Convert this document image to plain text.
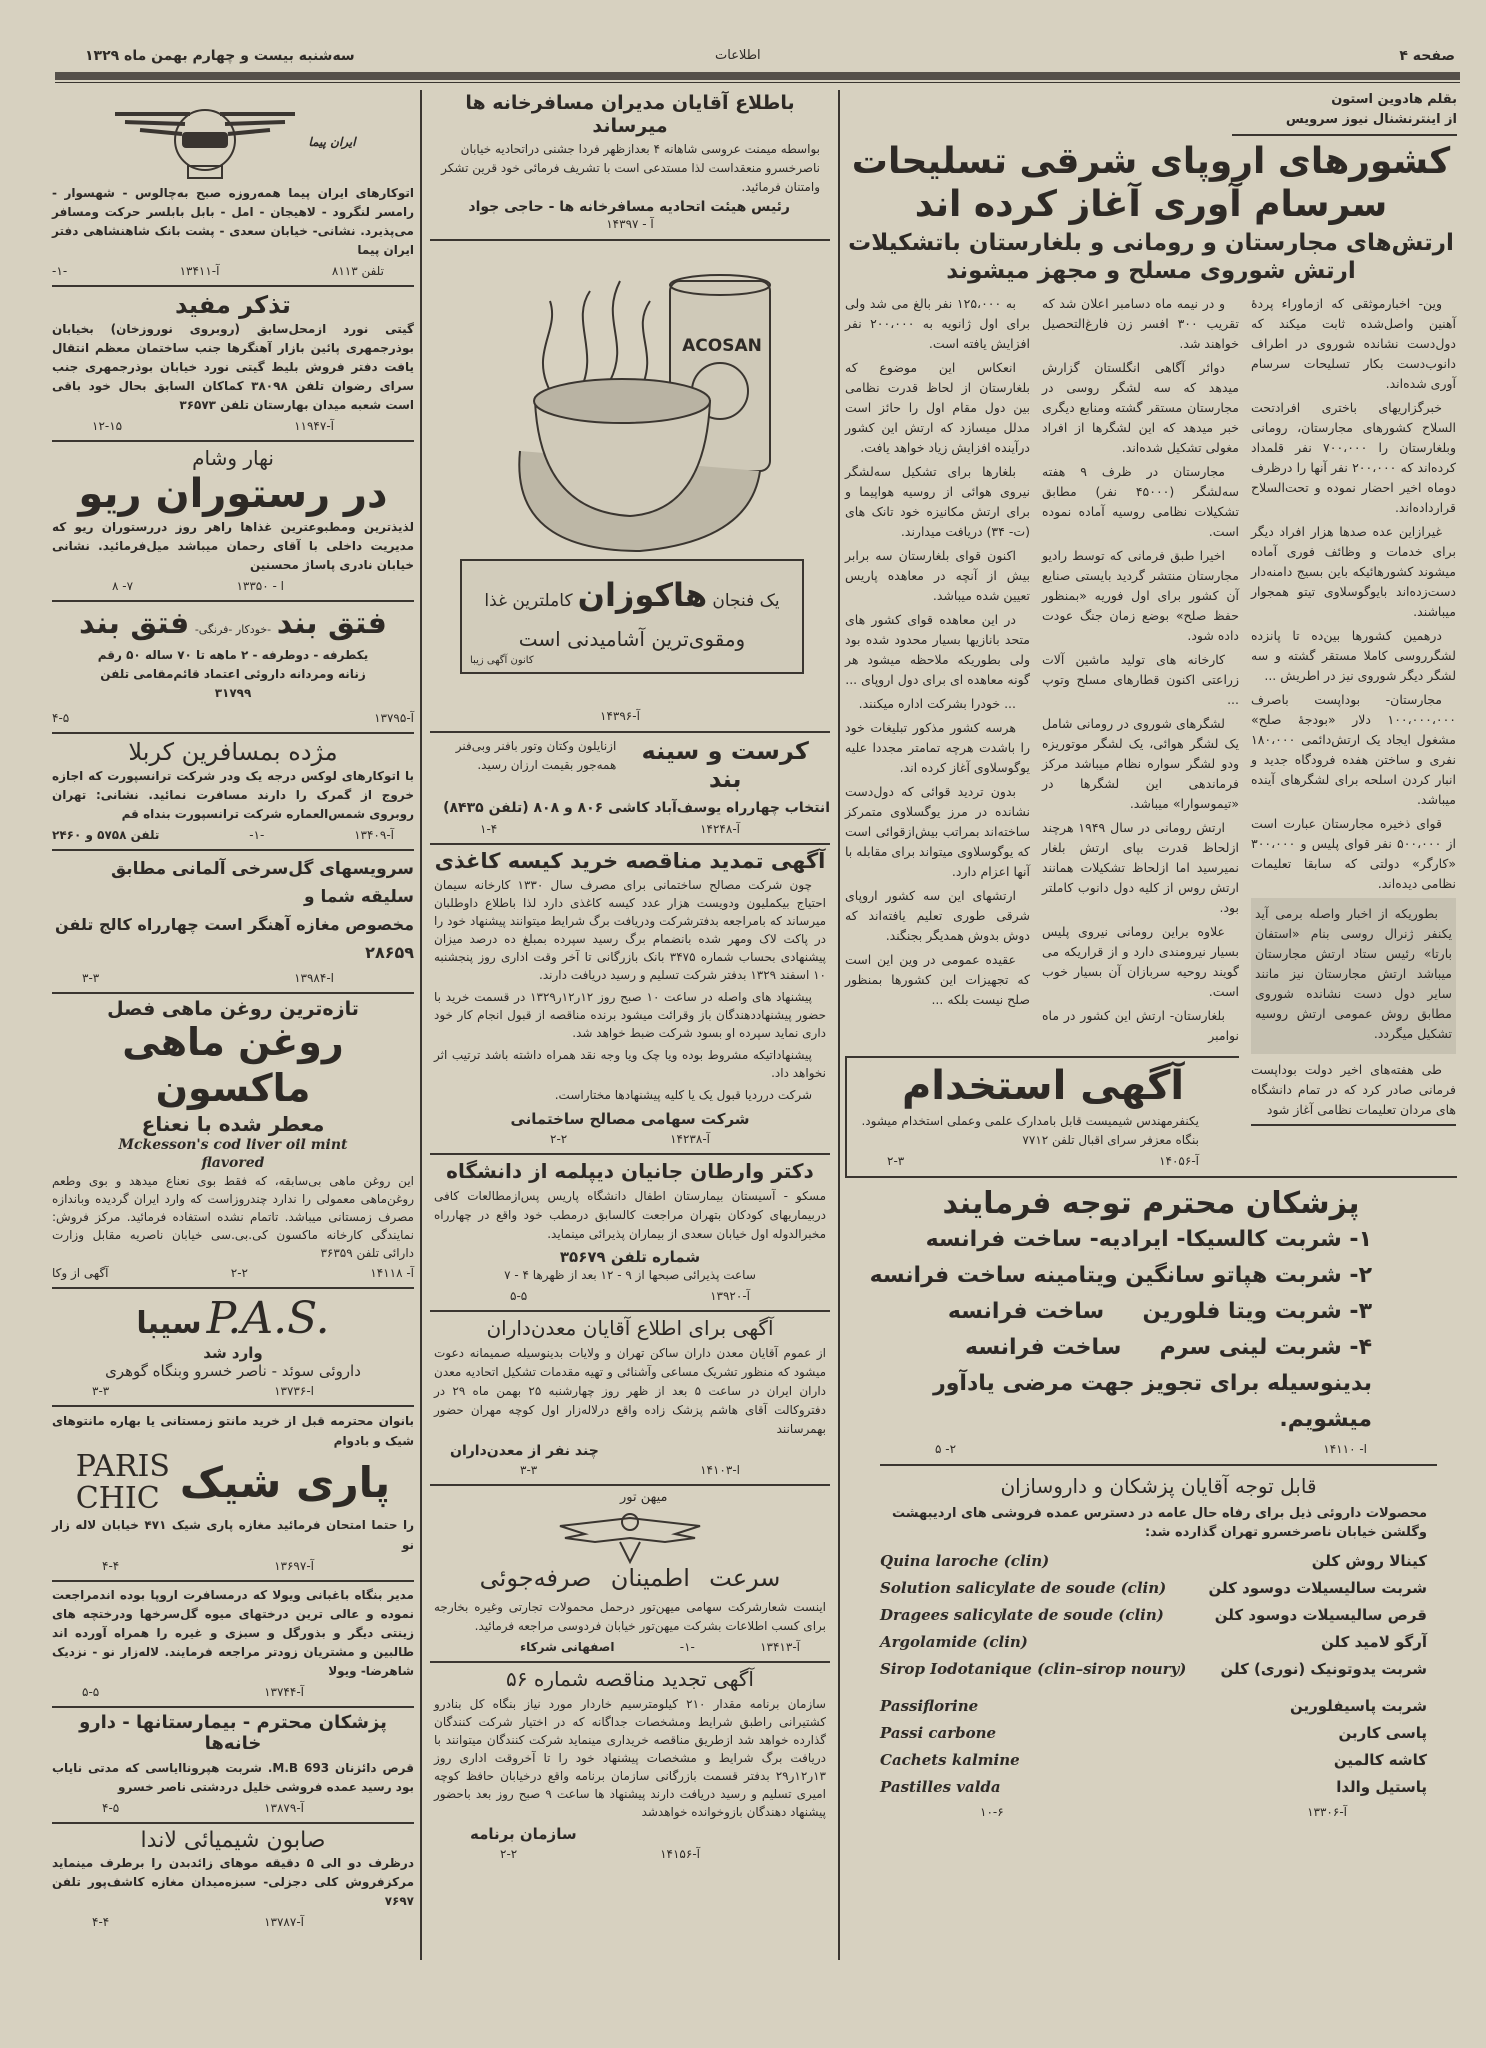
صفحه ۴
اطلاعات
سه‌شنبه بیست و چهارم بهمن ماه ۱۳۲۹
بقلم هادوین استون
از اینترنشنال نیوز سرویس
کشورهای اروپای شرقی تسلیحات
سرسام آوری آغاز کرده اند
ارتش‌های مجارستان و رومانی و بلغارستان باتشکیلات
ارتش شوروی مسلح و مجهز میشوند

به ۱۲۵،۰۰۰ نفر بالغ می شد ولی برای اول ژانویه به ۲۰۰،۰۰۰ نفر افزایش یافته است.

انعکاس این موضوع که بلغارستان از لحاظ قدرت نظامی بین دول مقام اول را حائز است مدلل میسازد که ارتش این کشور درآینده افزایش زیاد خواهد یافت.

بلغارها برای تشکیل سه‌لشگر نیروی هوائی از روسیه هواپیما و برای ارتش مکانیزه خود تانک های (ت- ۳۴) دریافت میدارند.

اکنون قوای بلغارستان سه برابر بیش از آنچه در معاهده پاریس تعیین شده میباشد.

در این معاهده قوای کشور های متحد بانازیها بسیار محدود شده بود ولی بطوریکه ملاحظه میشود هر گونه معاهده ای برای دول اروپای ...

... خودرا بشرکت اداره میکنند.

هرسه کشور مذکور تبلیغات خود را باشدت هرچه تمامتر مجددا علیه یوگوسلاوی آغاز کرده اند.

بدون تردید قوائی که دول‌دست نشانده در مرز یوگسلاوی متمرکز ساخته‌اند بمراتب بیش‌ازقوائی است که یوگوسلاوی میتواند برای مقابله با آنها اعزام دارد.

ارتشهای این سه کشور اروپای شرقی طوری تعلیم یافته‌اند که دوش بدوش همدیگر بجنگند.

عقیده عمومی در وین این است که تجهیزات این کشورها بمنظور صلح نیست بلکه ...

و در نیمه ماه دسامبر اعلان شد که تقریب ۳۰۰ افسر زن فارغ‌التحصیل خواهند شد.

دوائر آگاهی انگلستان گزارش میدهد که سه لشگر روسی در مجارستان مستقر گشته ومنابع دیگری خبر میدهد که این لشگرها از افراد مغولی تشکیل شده‌اند.

مجارستان در ظرف ۹ هفته سه‌لشگر (۴۵۰۰۰ نفر) مطابق تشکیلات نظامی روسیه آماده نموده است.

اخیرا طبق فرمانی که توسط رادیو مجارستان منتشر گردید بایستی صنایع آن کشور برای اول فوریه «بمنظور حفظ صلح» بوضع زمان جنگ عودت داده شود.

کارخانه های تولید ماشین آلات زراعتی اکنون قطارهای مسلح وتوپ ...

لشگرهای شوروی در رومانی شامل یک لشگر هوائی، یک لشگر موتوریزه ودو لشگر سواره نظام میباشد مرکز فرماندهی این لشگرها در «تیموسوارا» میباشد.

ارتش رومانی در سال ۱۹۴۹ هرچند ازلحاظ قدرت بپای ارتش بلغار نمیرسید اما ازلحاظ تشکیلات همانند ارتش روس از کلیه دول دانوب کاملتر بود.

علاوه براین رومانی نیروی پلیس بسیار نیرومندی دارد و از قراریکه می گویند روحیه سربازان آن بسیار خوب است.

بلغارستان- ارتش این کشور در ماه نوامبر

وین- اخبارموثقی که ازماوراء پردهٔ آهنین واصل‌شده ثابت میکند که دول‌دست نشانده شوروی در اطراف دانوب‌دست بکار تسلیحات سرسام آوری شده‌اند.

خبرگزاریهای باختری افرادتحت السلاح کشورهای مجارستان، رومانی وبلغارستان را ۷۰۰،۰۰۰ نفر قلمداد کرده‌اند که ۲۰۰،۰۰۰ نفر آنها را درظرف دوماه اخیر احضار نموده و تحت‌السلاح قرارداده‌اند.

غیرازاین عده صدها هزار افراد دیگر برای خدمات و وظائف فوری آماده میشوند کشورهائیکه باین بسیج دامنه‌دار دست‌زده‌اند بایوگوسلاوی تیتو همجوار میباشند.

درهمین کشورها بین‌ده تا پانزده لشگرروسی کاملا مستقر گشته و سه لشگر دیگر شوروی نیز در اطریش ...

مجارستان- بوداپست باصرف ۱۰۰،۰۰۰،۰۰۰ دلار «بودجهٔ صلح» مشغول ایجاد یک ارتش‌دائمی ۱۸۰،۰۰۰ نفری و ساختن هفده فرودگاه جدید و انبار کردن اسلحه برای لشگرهای آینده میباشد.

قوای ذخیره مجارستان عبارت است از ۵۰۰،۰۰۰ نفر قوای پلیس و ۳۰۰،۰۰۰ «کارگر» دولتی که سابقا تعلیمات نظامی دیده‌اند.

بطوریکه از اخبار واصله برمی آید یکنفر ژنرال روسی بنام «استفان بارتا» رئیس ستاد ارتش مجارستان میباشد ارتش مجارستان نیز مانند سایر دول دست نشانده شوروی مطابق روش عمومی ارتش روسیه تشکیل میگردد.

طی هفته‌های اخیر دولت بوداپست فرمانی صادر کرد که در تمام دانشگاه های مردان تعلیمات نظامی آغاز شود

آگهی استخدام
یکنفرمهندس شیمیست قابل بامدارک علمی وعملی استخدام میشود. بنگاه معزفر سرای اقبال تلفن ۷۷۱۲
آ-۱۴۰۵۶
۲-۳
پزشکان محترم توجه فرمایند
۱- شربت کالسیکا- ایرادیه- ساخت فرانسه
۲- شربت هپاتو سانگین ویتامینه ساخت فرانسه
۳- شربت ویتا فلورین     ساخت فرانسه
۴- شربت لینی سرم     ساخت فرانسه
بدینوسیله برای تجویز جهت مرضی یادآور میشویم.
ا- ۱۴۱۱۰
۲- ۵
قابل توجه آقایان پزشکان و داروسازان
محصولات داروئی ذیل برای رفاه حال عامه در دسترس عمده فروشی های اردیبهشت وگلشن خیابان ناصرخسرو تهران گذارده شد:
Quina laroche (clin)	کینالا روش کلن
Solution salicylate de soude (clin)	شربت سالیسیلات دوسود کلن
Dragees salicylate de soude (clin)	قرص سالیسیلات دوسود کلن
Argolamide (clin)	آرگو لامید کلن
Sirop Iodotanique (clin–sirop noury) شربت یدوتونیک (نوری) کلن
Passiflorine	شربت پاسیفلورین
Passi carbone	پاسی کاربن
Cachets kalmine	کاشه کالمین
Pastilles valda	پاستیل والدا
آ-۱۳۳۰۶
۱۰-۶
باطلاع آقایان مدیران مسافرخانه ها میرساند
بواسطه میمنت عروسی شاهانه ۴ بعدازظهر فردا جشنی دراتحادیه خیابان ناصرخسرو منعقداست لذا مستدعی است با تشریف فرمائی خود قرین تشکر وامتنان فرمائید.
رئیس هیئت اتحادیه مسافرخانه ها - حاجی جواد
آ - ۱۴۳۹۷
ACOSAN
یک فنجان هاکوزان کاملترین غذا
ومقوی‌ترین آشامیدنی است
کانون آگهی زیبا
آ-۱۴۳۹۶
ازنایلون وکتان وتور بافنر وبی‌فنر همه‌جور بقیمت ارزان رسید.	کرست و سینه بند
انتخاب چهارراه یوسف‌آباد کاشی ۸۰۶ و ۸۰۸ (تلفن ۸۴۳۵)
آ-۱۴۲۴۸
۱-۴
آگهی تمدید مناقصه خرید کیسه کاغذی

چون شرکت مصالح ساختمانی برای مصرف سال ۱۳۳۰ کارخانه سیمان احتیاج بیکملیون ودویست هزار عدد کیسه کاغذی دارد لذا باطلاع داوطلبان میرساند که بامراجعه بدفترشرکت ودریافت برگ شرایط میتوانند پیشنهاد خود را در پاکت لاک ومهر شده بانضمام برگ رسید سپرده بمبلغ ده درصد میزان پیشنهادی بحساب شماره ۳۴۷۵ بانک بازرگانی تا آخر وقت اداری روز پنجشنبه ۱۰ اسفند ۱۳۲۹ بدفتر شرکت تسلیم و رسید دریافت دارند.

پیشنهاد های واصله در ساعت ۱۰ صبح روز ۱۲ر۱۲ر۱۳۲۹ در قسمت خرید با حضور پیشنهاددهندگان باز وقرائت میشود برنده مناقصه از قبول انجام کار خود داری نماید سپرده او بسود شرکت ضبط خواهد شد.

پیشنهاداتیکه مشروط بوده ویا چک ویا وجه نقد همراه داشته باشد ترتیب اثر نخواهد داد.

شرکت درردیا قبول یک یا کلیه پیشنهادها مختاراست.

شرکت سهامی مصالح ساختمانی
آ-۱۴۲۳۸
۲-۲
دکتر وارطان جانیان دیپلمه از دانشگاه
مسکو - آسیستان بیمارستان اطفال دانشگاه پاریس پس‌ازمطالعات کافی دربیماریهای کودکان بتهران مراجعت کالسابق درمطب خود واقع در چهارراه مخبرالدوله اول خیابان سعدی از بیماران پذیرائی مینماید.
شماره تلفن ۳۵۶۷۹
ساعت پذیرائی صبحها از ۹ - ۱۲ بعد از ظهرها ۴ - ۷
آ-۱۳۹۲۰
۵-۵
آگهی برای اطلاع آقایان معدن‌داران
از عموم آقایان معدن داران ساکن تهران و ولایات بدینوسیله صمیمانه دعوت میشود که منظور تشریک مساعی وآشنائی و تهیه مقدمات تشکیل اتحادیه معدن داران ایران در ساعت ۵ بعد از ظهر روز چهارشنبه ۲۵ بهمن ماه ۲۹ در دفتروکالت آقای هاشم پزشک زاده واقع درلاله‌زار اول کوچه مهران حضور بهمرسانند
چند نفر از معدن‌داران
ا-۱۴۱۰۳
۳-۳
میهن تور
سرعت
اطمینان
صرفه‌جوئی
اینست شعارشرکت سهامی میهن‌تور درحمل محمولات تجارتی وغیره بخارجه برای کسب اطلاعات بشرکت میهن‌تور خیابان فردوسی مراجعه فرمائید.
آ-۱۳۴۱۳
-۱-
اصفهانی شرکاء
آگهی تجدید مناقصه شماره ۵۶
سازمان برنامه مقدار ۲۱۰ کیلومترسیم خاردار مورد نیاز بنگاه کل بنادرو کشتیرانی راطبق شرایط ومشخصات جداگانه که در اختیار شرکت کنندگان گذارده خواهد شد ازطریق مناقصه خریداری مینماید شرکت کنندگان میتوانند با دریافت برگ شرایط و مشخصات پیشنهاد خود را تا آخروقت اداری روز ۱۳ر۱۲ر۲۹ بدفتر قسمت بازرگانی سازمان برنامه واقع درخیابان حافظ کوچه امیری تسلیم و رسید دریافت دارند پیشنهاد ها ساعت ۹ صبح روز بعد باحضور پیشنهاد دهندگان بازوخوانده خواهدشد
سازمان برنامه
آ-۱۴۱۵۶
۲-۲
ایران پیما
اتوکارهای ایران پیما همه‌روزه صبح به‌چالوس - شهسوار - رامسر لنگرود - لاهیجان - امل - بابل بابلسر حرکت ومسافر می‌پذیرد. نشانی- خیابان سعدی - پشت بانک شاهنشاهی دفتر ایران پیما
تلفن ۸۱۱۳
آ-۱۳۴۱۱
-۱-
تذکر مفید
گیتی نورد ازمحل‌سابق (روبروی نوروزخان) بخیابان بوذرجمهری پائین بازار آهنگرها جنب ساختمان معظم انتقال یافت دفتر فروش بلیط گیتی نورد خیابان بوذرجمهری جنب سرای رضوان تلفن ۳۸۰۹۸ کماکان السابق بحال خود باقی است شعبه میدان بهارستان تلفن ۳۶۵۷۳
آ-۱۱۹۴۷
۱۲-۱۵
نهار وشام
در رستوران ریو
لذیذترین ومطبوعترین غذاها راهر روز دررستوران ریو که مدیریت داخلی با آقای رحمان میباشد میل‌فرمائید. نشانی خیابان نادری پاساژ محسنین
ا - ۱۳۳۵۰
۷- ۸
فتق بند -خودکار -فرنگی- فتق بند
یکطرفه - دوطرفه - ۲ ماهه تا ۷۰ ساله ۵۰ رقم زنانه ومردانه داروئی اعتماد قائم‌مقامی تلفن ۳۱۷۹۹
آ-۱۳۷۹۵
۴-۵
مژده بمسافرین کربلا
با اتوکارهای لوکس درجه یک ودر شرکت ترانسپورت که اجازه خروج از گمرک را دارند مسافرت نمائید. نشانی: تهران روبروی شمس‌العماره شرکت ترانسپورت بنداه قم
آ-۱۳۴۰۹
-۱-
تلفن ۵۷۵۸ و ۲۴۶۰
سرویسهای گل‌سرخی آلمانی مطابق سلیقه شما و
مخصوص مغازه آهنگر است چهارراه کالج تلفن ۲۸۶۵۹
ا-۱۳۹۸۴
۳-۳
تازه‌ترین روغن ماهی فصل
روغن ماهی ماکسون
معطر شده با نعناع
Mckesson's cod liver oil mint flavored
این روغن ماهی بی‌سابقه، که فقط بوی نعناع میدهد و بوی وطعم روغن‌ماهی معمولی را ندارد چندروزاست که وارد ایران گردیده وباندازه مصرف زمستانی میباشد. تاتمام نشده استفاده فرمائید. مرکز فروش: نمایندگی کارخانه ماکسون کی.بی.سی خیابان ناصریه مقابل وزارت دارائی تلفن ۳۶۳۵۹
آ- ۱۴۱۱۸
۲-۲
آگهی از وکا
سیبا P.A.S.
وارد شد
داروئی سوئد - ناصر خسرو وبنگاه گوهری
ا-۱۳۷۳۶
۳-۳
بانوان محترمه قبل از خرید مانتو زمستانی یا بهاره مانتوهای شیک و بادوام
PARIS
CHIC پاری شیک
را حتما امتحان فرمائید مغازه پاری شیک ۴۷۱ خیابان لاله زار نو
آ-۱۳۶۹۷
۴-۴
مدیر بنگاه باغبانی ویولا که درمسافرت اروپا بوده اندمراجعت نموده و عالی ترین درختهای میوه گل‌سرخها ودرختچه های زینتی دیگر و بذورگل و سبزی و غیره را همراه آورده اند طالبین و مشتریان زودتر مراجعه فرمایند. لاله‌زار نو - نزدیک شاهرضا- ویولا
آ-۱۳۷۴۴
۵-۵
پزشکان محترم - بیمارستانها - دارو خانه‌ها
قرص دائزنان 693 M.B. شربت هپروناایاسی که مدتی نایاب بود رسید عمده فروشی خلیل دردشتی ناصر خسرو
آ-۱۳۸۷۹
۴-۵
صابون شیمیائی لاندا
درظرف دو الی ۵ دقیقه موهای زائدبدن را برطرف مینماید مرکزفروش کلی دجزلی- سبزه‌میدان مغازه کاشف‌پور تلفن ۷۶۹۷
آ-۱۳۷۸۷
۴-۴
